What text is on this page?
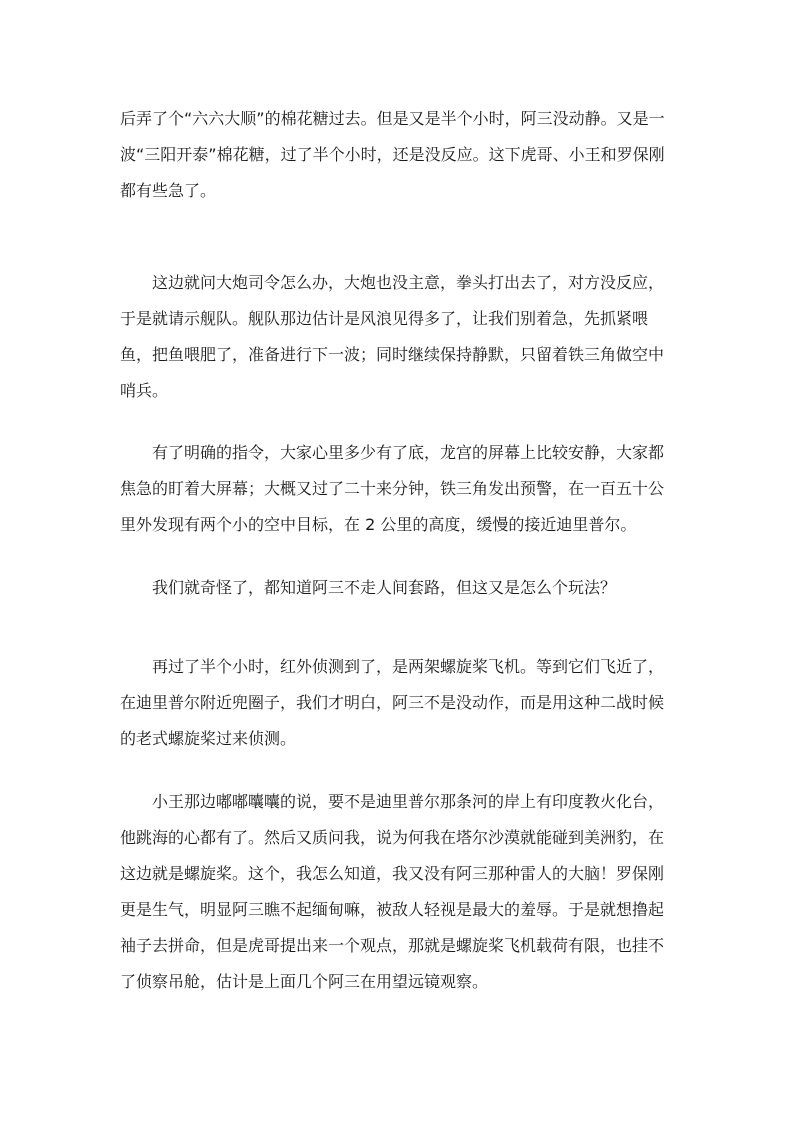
后弄了个“六六大顺”的棉花糖过去。但是又是半个小时，阿三没动静。又是一
波“三阳开泰”棉花糖，过了半个小时，还是没反应。这下虎哥、小王和罗保刚
都有些急了。
这边就问大炮司令怎么办，大炮也没主意，拳头打出去了，对方没反应，
于是就请示舰队。舰队那边估计是风浪见得多了，让我们别着急，先抓紧喂
鱼，把鱼喂肥了，准备进行下一波；同时继续保持静默，只留着铁三角做空中
哨兵。
有了明确的指令，大家心里多少有了底，龙宫的屏幕上比较安静，大家都
焦急的盯着大屏幕；大概又过了二十来分钟，铁三角发出预警，在一百五十公
里外发现有两个小的空中目标，在 2 公里的高度，缓慢的接近迪里普尔。
我们就奇怪了，都知道阿三不走人间套路，但这又是怎么个玩法？
再过了半个小时，红外侦测到了，是两架螺旋桨飞机。等到它们飞近了，
在迪里普尔附近兜圈子，我们才明白，阿三不是没动作，而是用这种二战时候
的老式螺旋桨过来侦测。
小王那边嘟嘟囔囔的说，要不是迪里普尔那条河的岸上有印度教火化台，
他跳海的心都有了。然后又质问我，说为何我在塔尔沙漠就能碰到美洲豹，在
这边就是螺旋桨。这个，我怎么知道，我又没有阿三那种雷人的大脑！罗保刚
更是生气，明显阿三瞧不起缅甸嘛，被敌人轻视是最大的羞辱。于是就想撸起
袖子去拼命，但是虎哥提出来一个观点，那就是螺旋桨飞机载荷有限，也挂不
了侦察吊舱，估计是上面几个阿三在用望远镜观察。
